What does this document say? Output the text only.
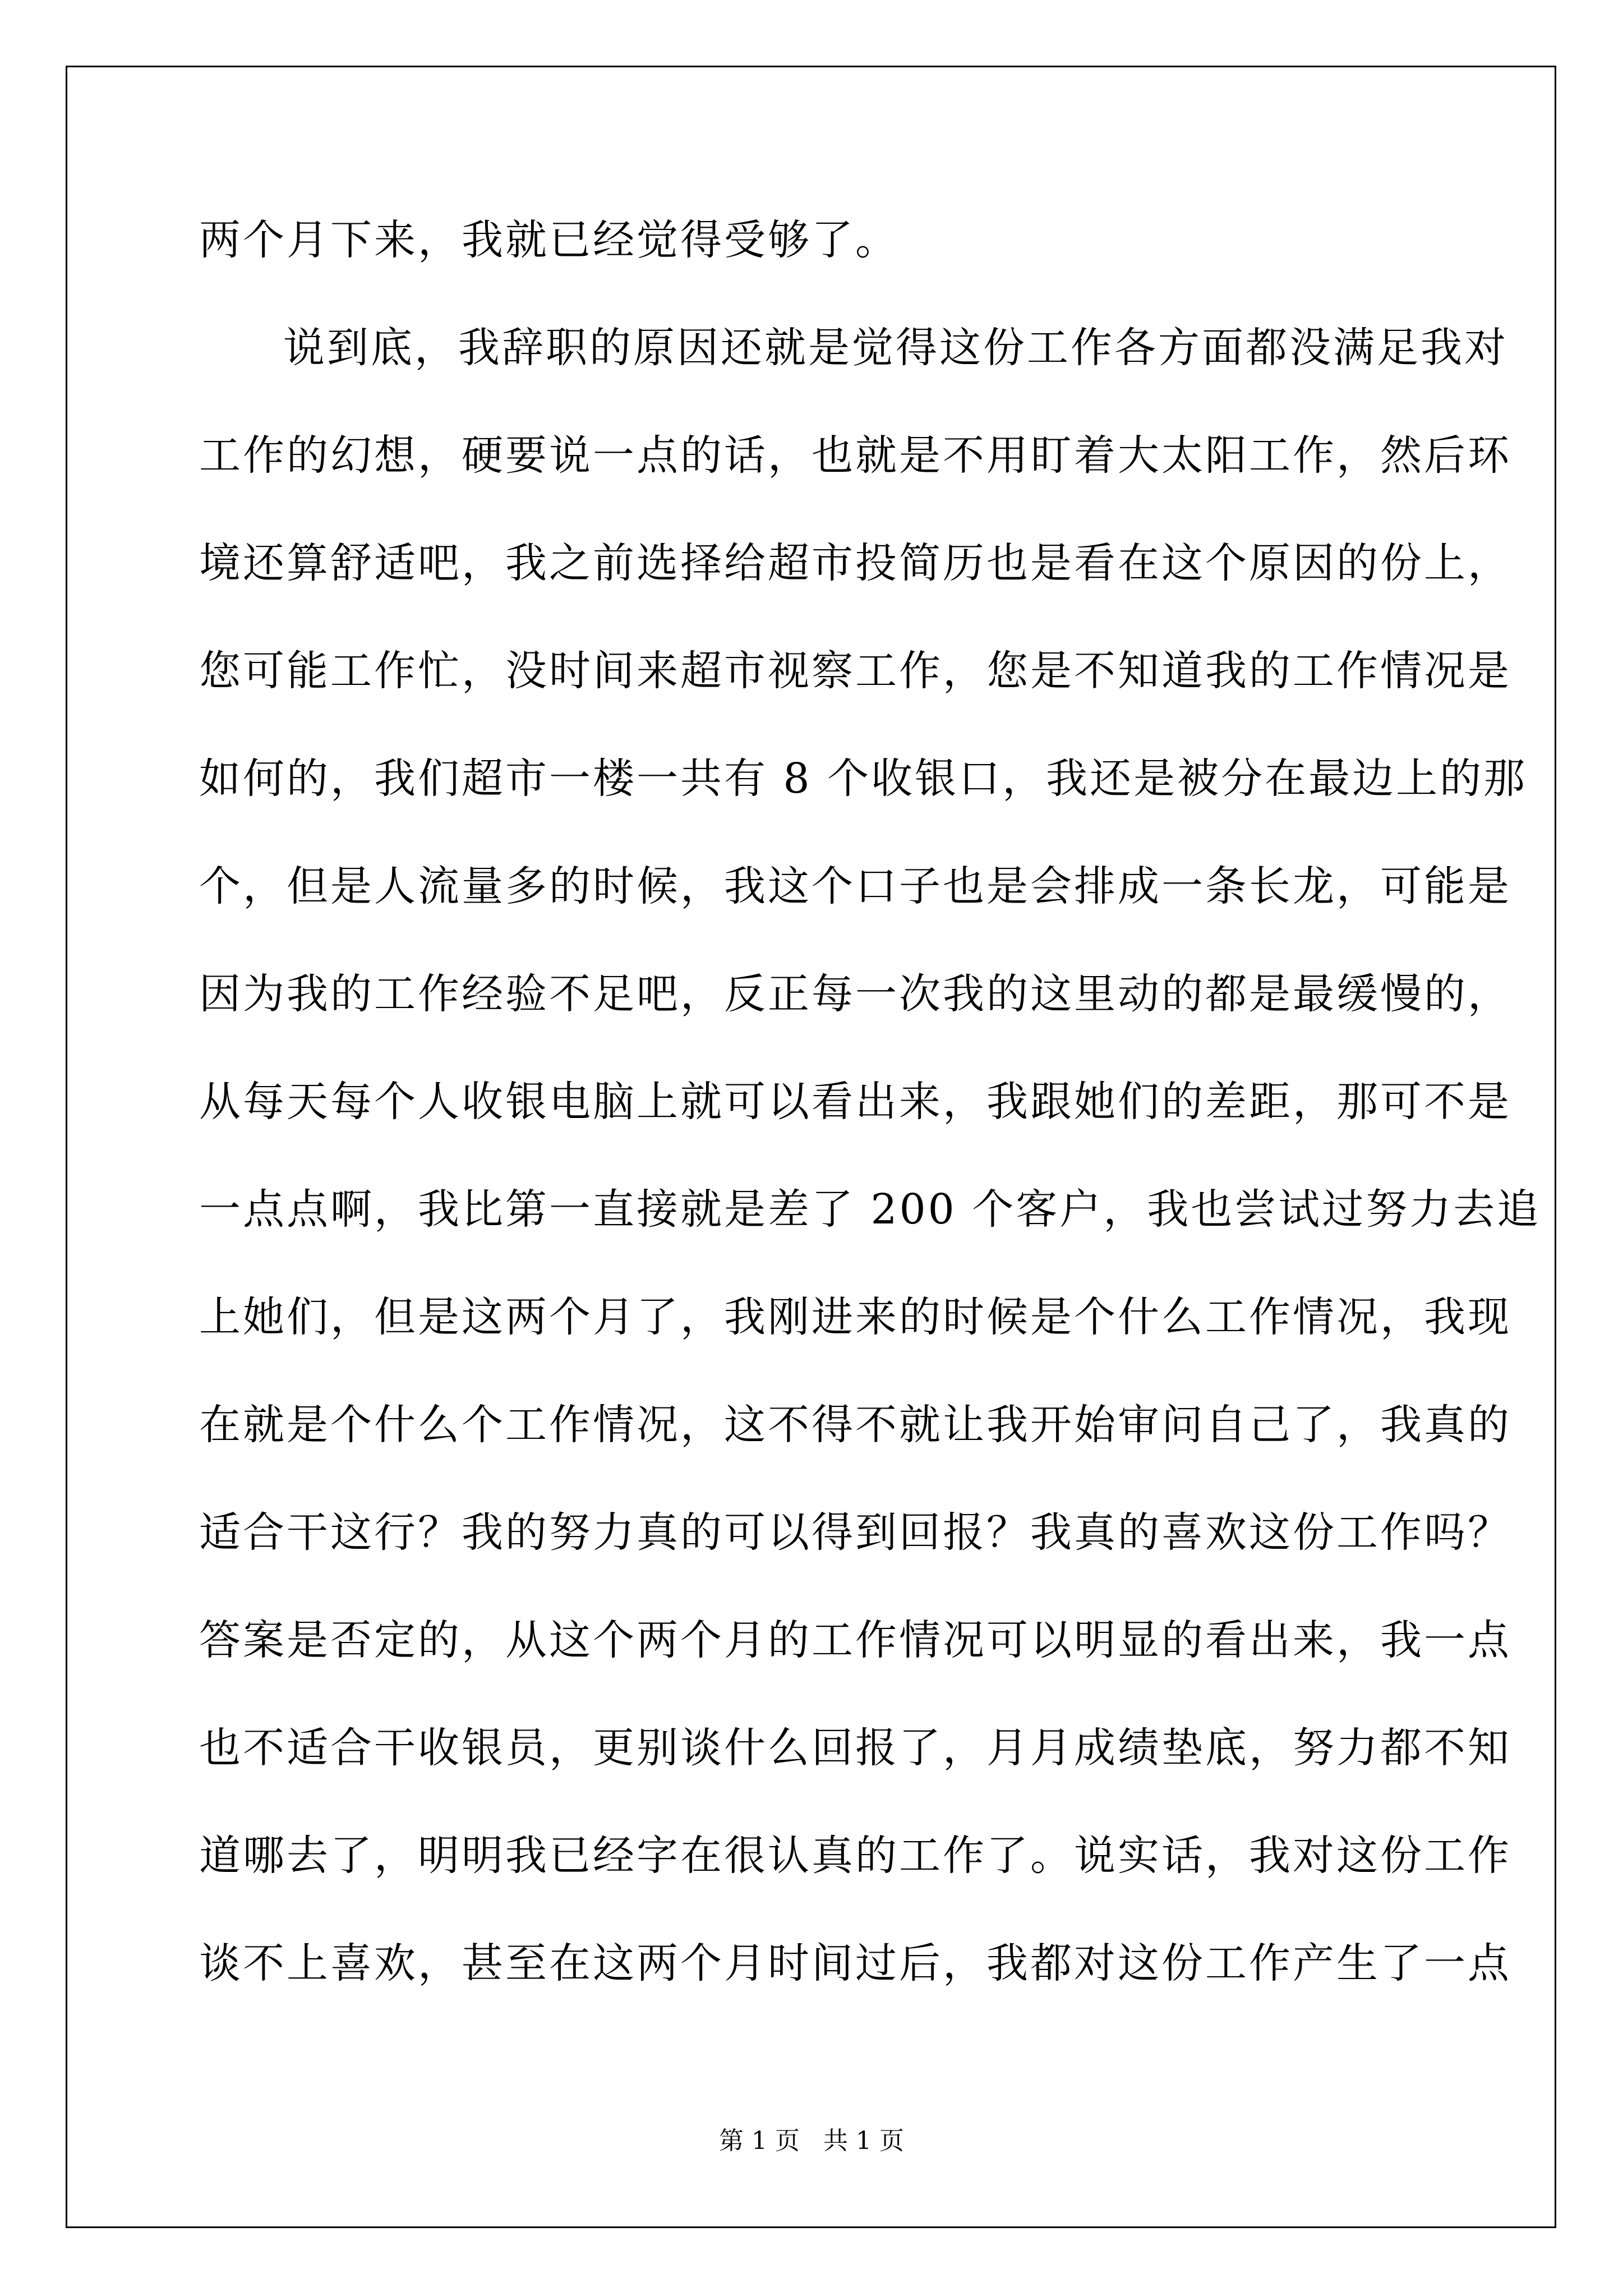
两个月下来，我就已经觉得受够了。
说到底，我辞职的原因还就是觉得这份工作各方面都没满足我对
工作的幻想，硬要说一点的话，也就是不用盯着大太阳工作，然后环
境还算舒适吧，我之前选择给超市投简历也是看在这个原因的份上，
您可能工作忙，没时间来超市视察工作，您是不知道我的工作情况是
如何的，我们超市一楼一共有 8 个收银口，我还是被分在最边上的那
个，但是人流量多的时候，我这个口子也是会排成一条长龙，可能是
因为我的工作经验不足吧，反正每一次我的这里动的都是最缓慢的，
从每天每个人收银电脑上就可以看出来，我跟她们的差距，那可不是
一点点啊，我比第一直接就是差了 200 个客户，我也尝试过努力去追
上她们，但是这两个月了，我刚进来的时候是个什么工作情况，我现
在就是个什么个工作情况，这不得不就让我开始审问自己了，我真的
适合干这行？我的努力真的可以得到回报？我真的喜欢这份工作吗？
答案是否定的，从这个两个月的工作情况可以明显的看出来，我一点
也不适合干收银员，更别谈什么回报了，月月成绩垫底，努力都不知
道哪去了，明明我已经字在很认真的工作了。说实话，我对这份工作
谈不上喜欢，甚至在这两个月时间过后，我都对这份工作产生了一点
第 1 页   共 1 页
